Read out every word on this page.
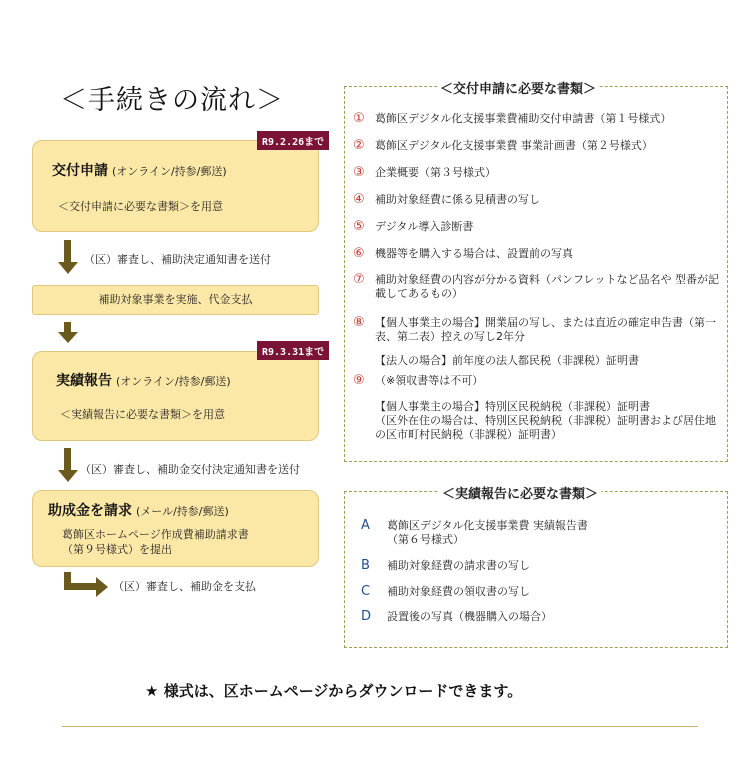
＜手続きの流れ＞
R9.2.26まで
交付申請 (オンライン/持参/郵送)
＜交付申請に必要な書類＞を用意
（区）審査し、補助決定通知書を送付
補助対象事業を実施、代金支払
R9.3.31まで
実績報告 (オンライン/持参/郵送)
＜実績報告に必要な書類＞を用意
（区）審査し、補助金交付決定通知書を送付
助成金を請求 (メール/持参/郵送)
葛飾区ホームページ作成費補助請求書
（第９号様式）を提出
（区）審査し、補助金を支払
＜交付申請に必要な書類＞
① 葛飾区デジタル化支援事業費補助交付申請書（第１号様式）
② 葛飾区デジタル化支援事業費 事業計画書（第２号様式）
③ 企業概要（第３号様式）
④ 補助対象経費に係る見積書の写し
⑤ デジタル導入診断書
⑥ 機器等を購入する場合は、設置前の写真
⑦ 補助対象経費の内容が分かる資料（パンフレットなど品名や 型番が記載してあるもの）
⑧ 【個人事業主の場合】開業届の写し、または直近の確定申告書（第一表、第二表）控えの写し2年分
【法人の場合】前年度の法人都民税（非課税）証明書
⑨ （※領収書等は不可）
【個人事業主の場合】特別区民税納税（非課税）証明書
（区外在住の場合は、特別区民税納税（非課税）証明書および居住地の区市町村民納税（非課税）証明書）
＜実績報告に必要な書類＞
A	葛飾区デジタル化支援事業費 実績報告書
（第６号様式）
B	補助対象経費の請求書の写し
C	補助対象経費の領収書の写し
D	設置後の写真（機器購入の場合）
★ 様式は、区ホームページからダウンロードできます。
